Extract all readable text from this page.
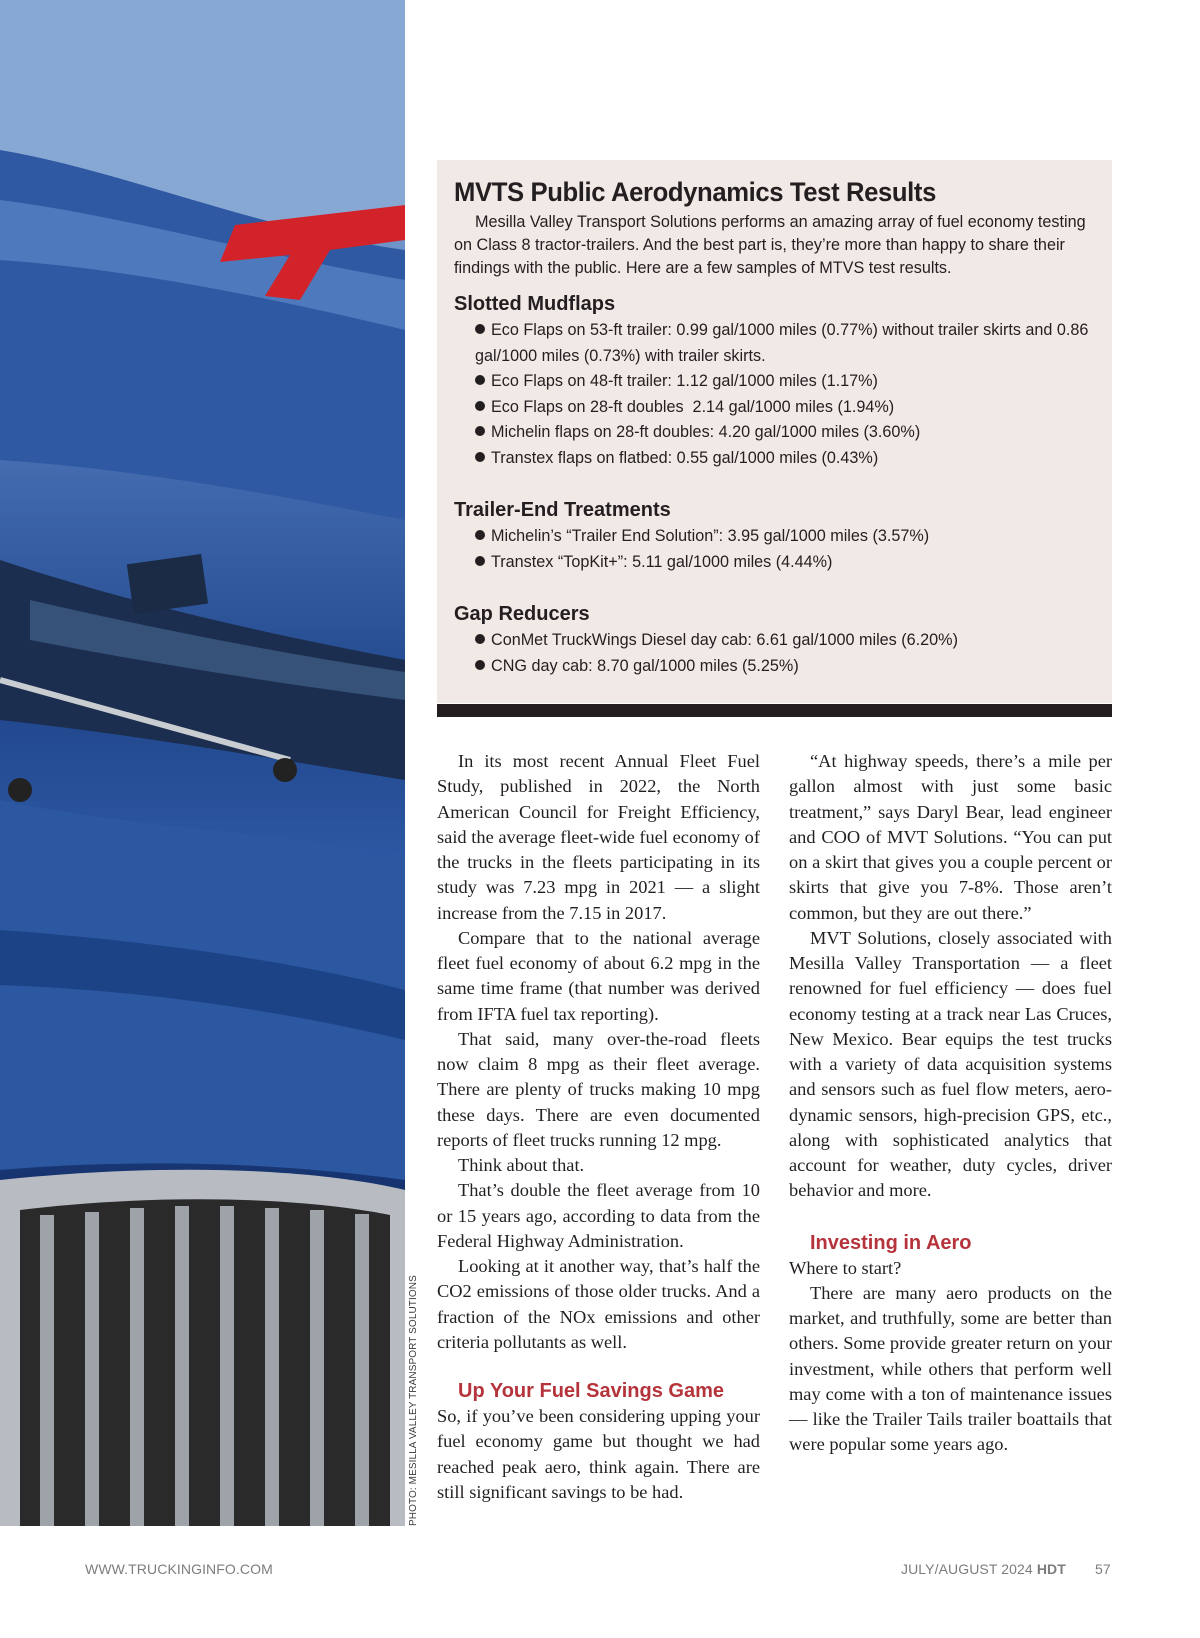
PHOTO: MESILLA VALLEY TRANSPORT SOLUTIONS
MVTS Public Aerodynamics Test Results

Mesilla Valley Transport Solutions performs an amazing array of fuel economy testing on Class 8 tractor-trailers. And the best part is, they’re more than happy to share their findings with the public. Here are a few samples of MTVS test results.

Slotted Mudflaps
Eco Flaps on 53-ft trailer: 0.99 gal/1000 miles (0.77%) without trailer skirts and 0.86 gal/1000 miles (0.73%) with trailer skirts.
Eco Flaps on 48-ft trailer: 1.12 gal/1000 miles (1.17%)
Eco Flaps on 28-ft doubles  2.14 gal/1000 miles (1.94%)
Michelin flaps on 28-ft doubles: 4.20 gal/1000 miles (3.60%)
Transtex flaps on flatbed: 0.55 gal/1000 miles (0.43%)
Trailer-End Treatments
Michelin’s “Trailer End Solution”: 3.95 gal/1000 miles (3.57%)
Transtex “TopKit+”: 5.11 gal/1000 miles (4.44%)
Gap Reducers
ConMet TruckWings Diesel day cab: 6.61 gal/1000 miles (6.20%)
CNG day cab: 8.70 gal/1000 miles (5.25%)

In its most recent Annual Fleet Fuel Study, published in 2022, the North American Council for Freight Efficiency, said the average fleet-wide fuel economy of the trucks in the fleets participating in its study was 7.23 mpg in 2021 — a slight increase from the 7.15 in 2017.

Compare that to the national average fleet fuel economy of about 6.2 mpg in the same time frame (that number was derived from IFTA fuel tax reporting).

That said, many over-the-road fleets now claim 8 mpg as their fleet average. There are plenty of trucks making 10 mpg these days. There are even documented reports of fleet trucks running 12 mpg.

Think about that.

That’s double the fleet average from 10 or 15 years ago, according to data from the Federal Highway Administration.

Looking at it another way, that’s half the CO2 emissions of those older trucks. And a fraction of the NOx emissions and other criteria pollutants as well.

Up Your Fuel Savings Game

So, if you’ve been considering upping your fuel economy game but thought we had reached peak aero, think again. There are still significant savings to be had.

“At highway speeds, there’s a mile per gallon almost with just some basic treatment,” says Daryl Bear, lead engineer and COO of MVT Solutions. “You can put on a skirt that gives you a couple percent or skirts that give you 7-8%. Those aren’t common, but they are out there.”

MVT Solutions, closely associated with Mesilla Valley Transportation — a fleet renowned for fuel efficiency — does fuel economy testing at a track near Las Cruces, New Mexico. Bear equips the test trucks with a variety of data acquisition systems and sensors such as fuel flow meters, aerodynamic sensors, high-precision GPS, etc., along with sophisticated analytics that account for weather, duty cycles, driver behavior and more.

Investing in Aero

Where to start?

There are many aero products on the market, and truthfully, some are better than others. Some provide greater return on your investment, while others that perform well may come with a ton of maintenance issues — like the Trailer Tails trailer boattails that were popular some years ago.

WWW.TRUCKINGINFO.COM	JULY/AUGUST 2024 HDT 57
